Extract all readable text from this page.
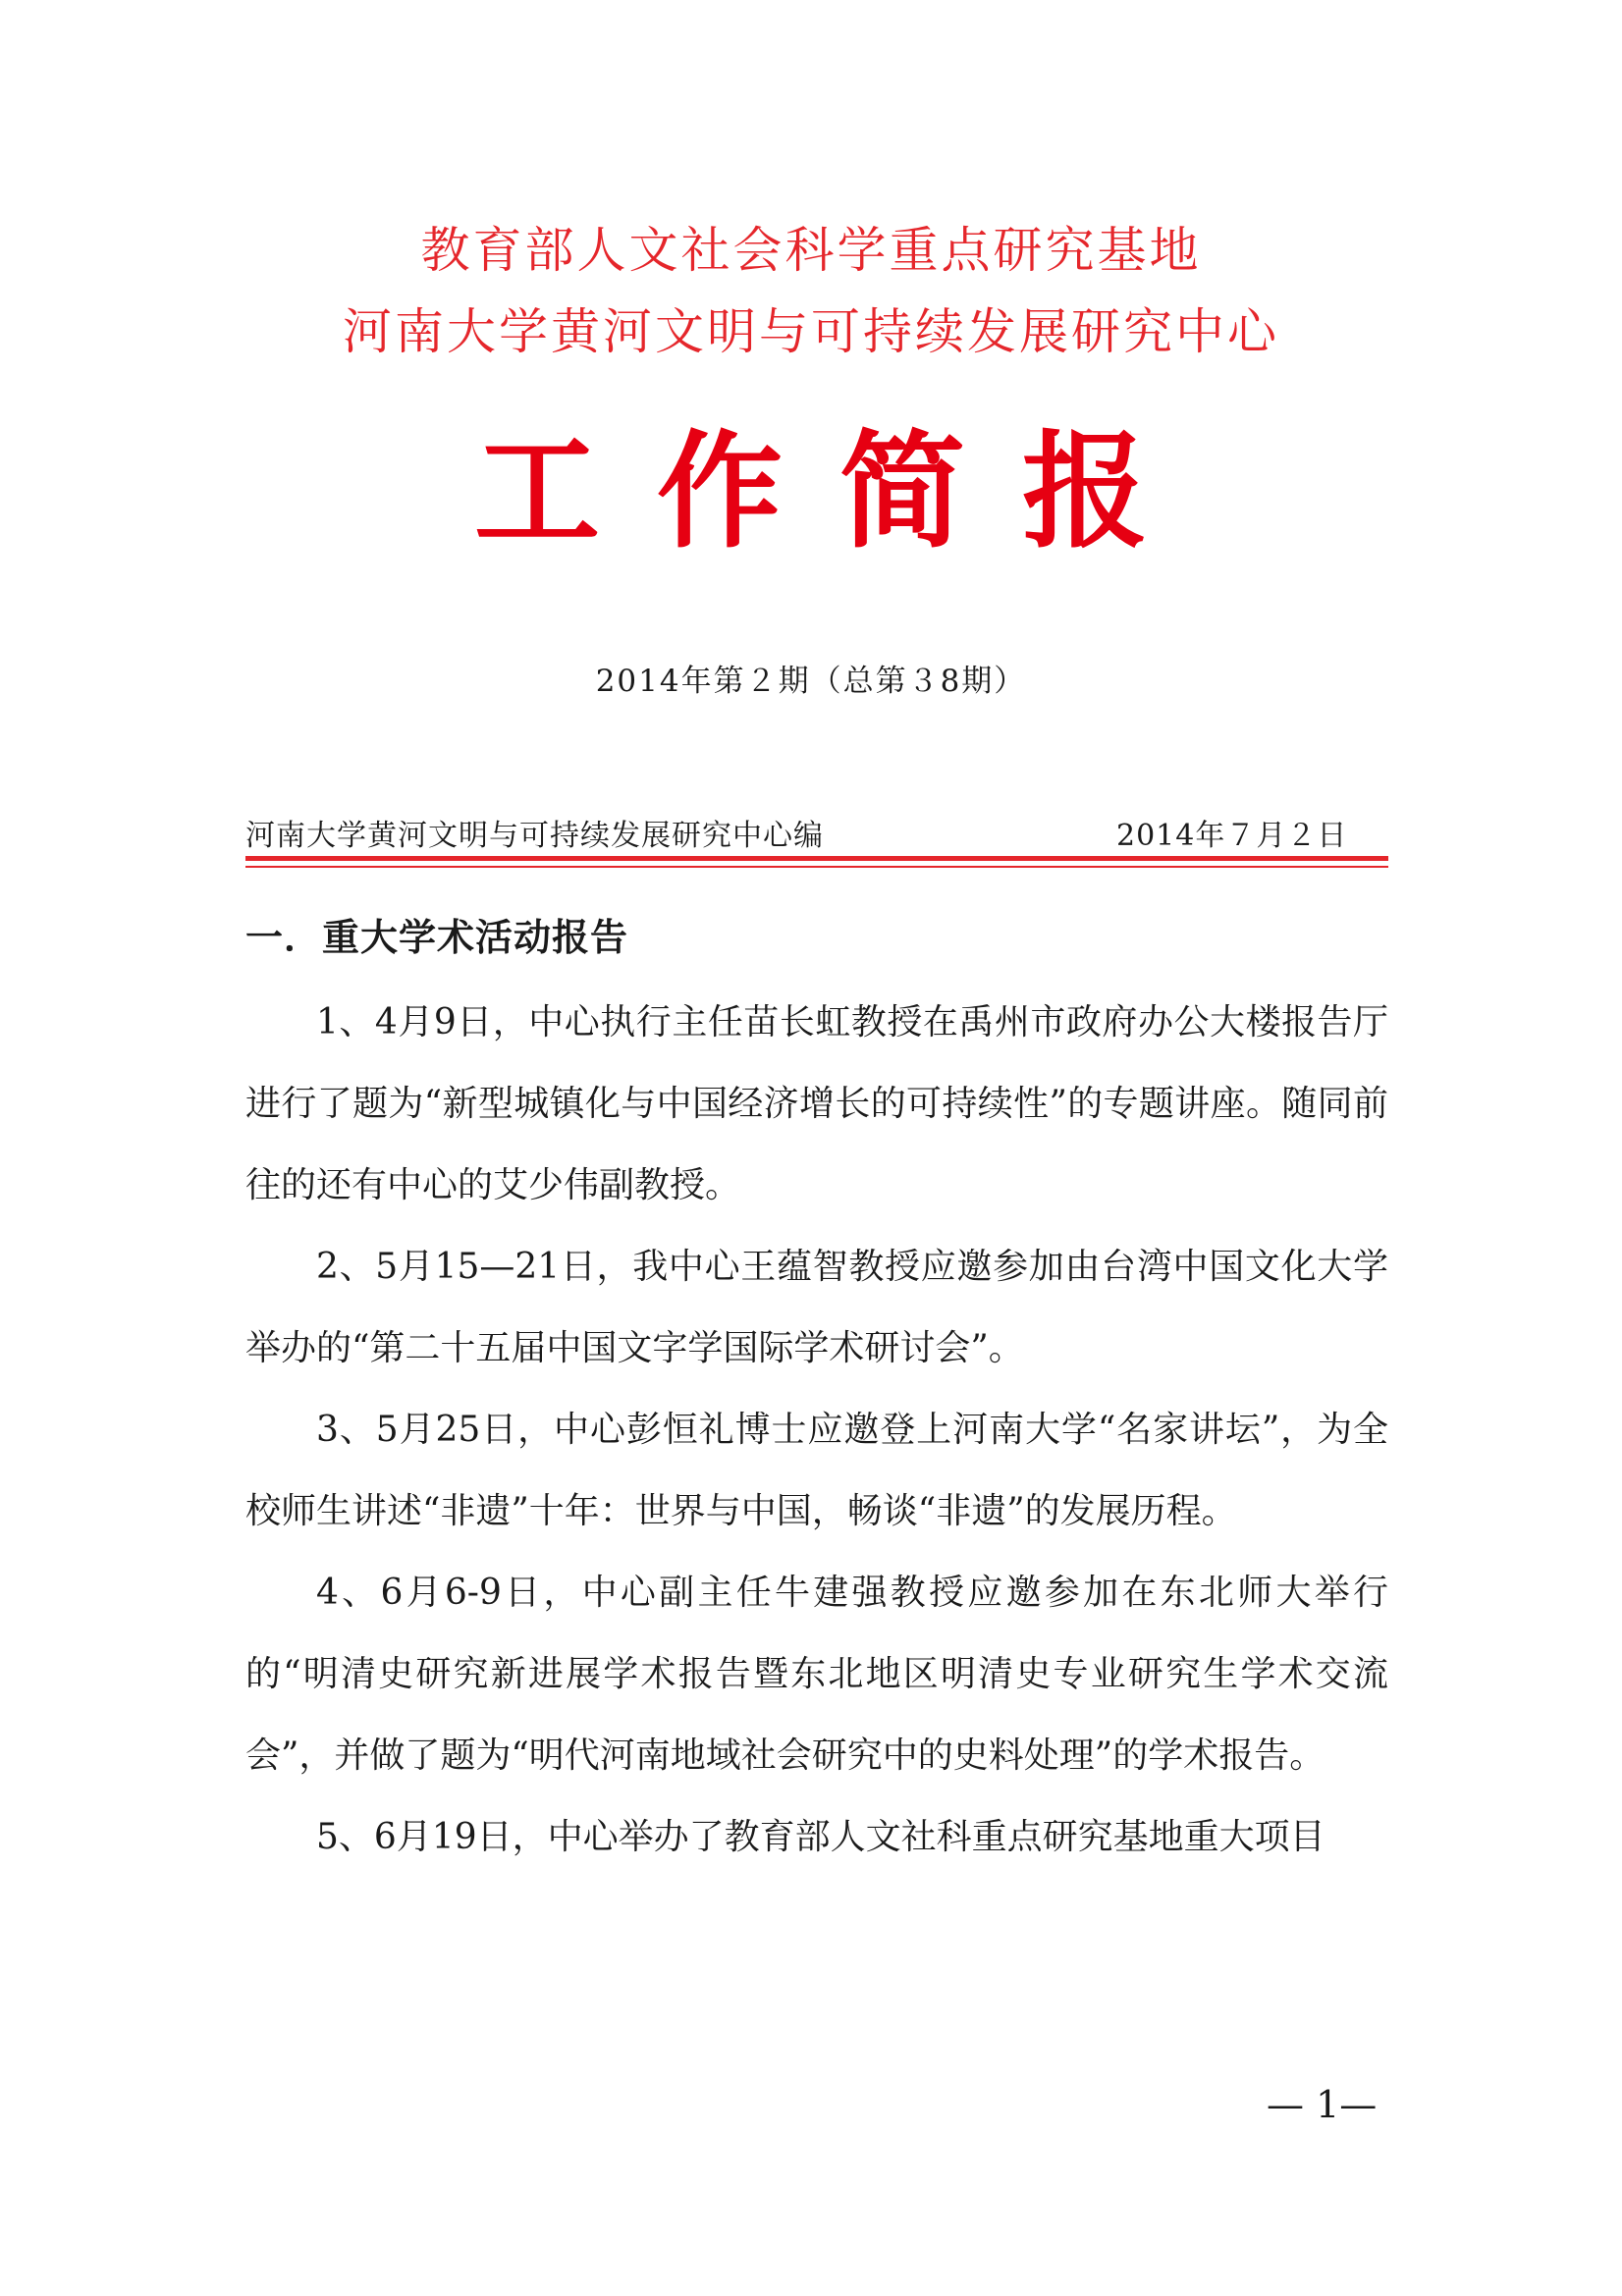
教育部人文社会科学重点研究基地
河南大学黄河文明与可持续发展研究中心
工作简报
2014年第２期（总第３8期）
河南大学黄河文明与可持续发展研究中心编	2014年７月２日
一．重大学术活动报告

1、4月9日，中心执行主任苗长虹教授在禹州市政府办公大楼报告厅进行了题为“新型城镇化与中国经济增长的可持续性”的专题讲座。随同前往的还有中心的艾少伟副教授。

2、5月15—21日，我中心王蕴智教授应邀参加由台湾中国文化大学举办的“第二十五届中国文字学国际学术研讨会”。

3、5月25日，中心彭恒礼博士应邀登上河南大学“名家讲坛”，为全校师生讲述“非遗”十年：世界与中国，畅谈“非遗”的发展历程。

4、6月6-9日，中心副主任牛建强教授应邀参加在东北师大举行的“明清史研究新进展学术报告暨东北地区明清史专业研究生学术交流会”，并做了题为“明代河南地域社会研究中的史料处理”的学术报告。

5、6月19日，中心举办了教育部人文社科重点研究基地重大项目

— 1—
